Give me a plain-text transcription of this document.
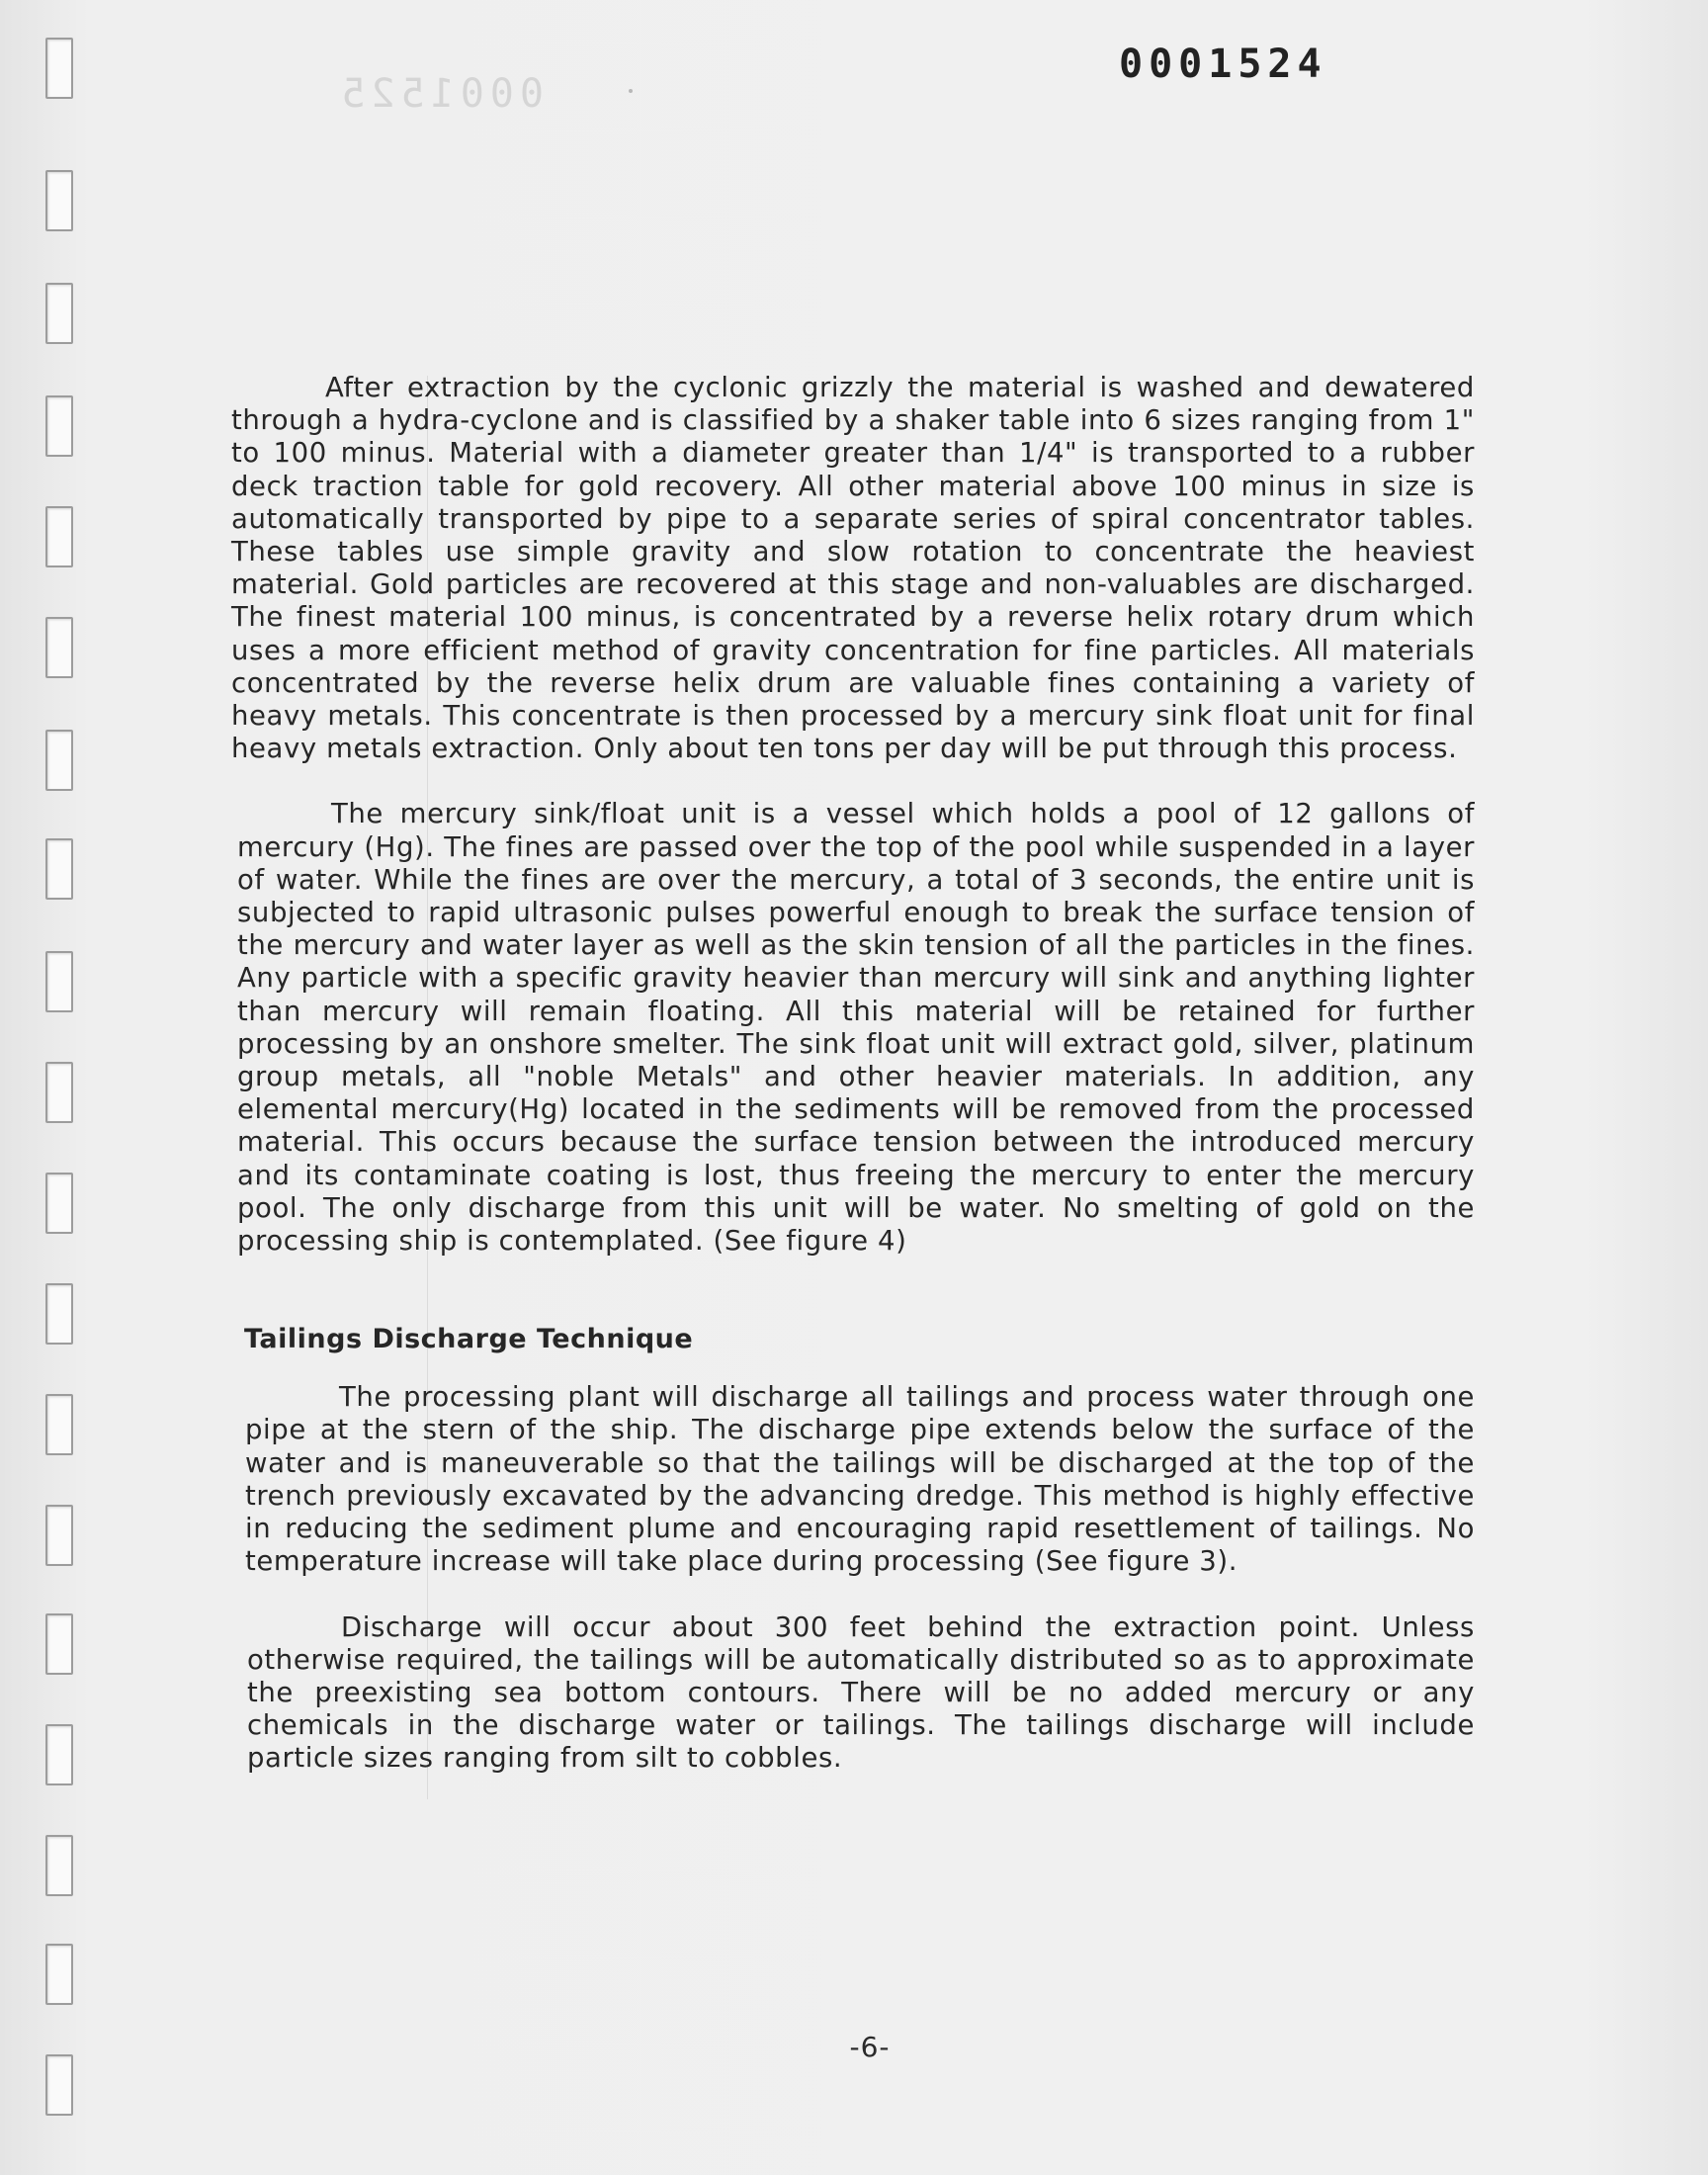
0001525
0001524

After extraction by the cyclonic grizzly the material is washed and dewatered through a hydra-cyclone and is classified by a shaker table into 6 sizes ranging from 1" to 100 minus. Material with a diameter greater than 1/4" is transported to a rubber deck traction table for gold recovery. All other material above 100 minus in size is automatically transported by pipe to a separate series of spiral concentrator tables. These tables use simple gravity and slow rotation to concentrate the heaviest material. Gold particles are recovered at this stage and non-valuables are discharged. The finest material 100 minus, is concentrated by a reverse helix rotary drum which uses a more efficient method of gravity concentration for fine particles. All materials concentrated by the reverse helix drum are valuable fines containing a variety of heavy metals. This concentrate is then processed by a mercury sink float unit for final heavy metals extraction. Only about ten tons per day will be put through this process.

The mercury sink/float unit is a vessel which holds a pool of 12 gallons of mercury (Hg). The fines are passed over the top of the pool while suspended in a layer of water. While the fines are over the mercury, a total of 3 seconds, the entire unit is subjected to rapid ultrasonic pulses powerful enough to break the surface tension of the mercury and water layer as well as the skin tension of all the particles in the fines. Any particle with a specific gravity heavier than mercury will sink and anything lighter than mercury will remain floating. All this material will be retained for further processing by an onshore smelter. The sink float unit will extract gold, silver, platinum group metals, all "noble Metals" and other heavier materials. In addition, any elemental mercury(Hg) located in the sediments will be removed from the processed material. This occurs because the surface tension between the introduced mercury and its contaminate coating is lost, thus freeing the mercury to enter the mercury pool. The only discharge from this unit will be water. No smelting of gold on the processing ship is contemplated. (See figure 4)

Tailings Discharge Technique

The processing plant will discharge all tailings and process water through one pipe at the stern of the ship. The discharge pipe extends below the surface of the water and is maneuverable so that the tailings will be discharged at the top of the trench previously excavated by the advancing dredge. This method is highly effective in reducing the sediment plume and encouraging rapid resettlement of tailings. No temperature increase will take place during processing (See figure 3).

Discharge will occur about 300 feet behind the extraction point. Unless otherwise required, the tailings will be automatically distributed so as to approximate the preexisting sea bottom contours. There will be no added mercury or any chemicals in the discharge water or tailings. The tailings discharge will include particle sizes ranging from silt to cobbles.

-6-
